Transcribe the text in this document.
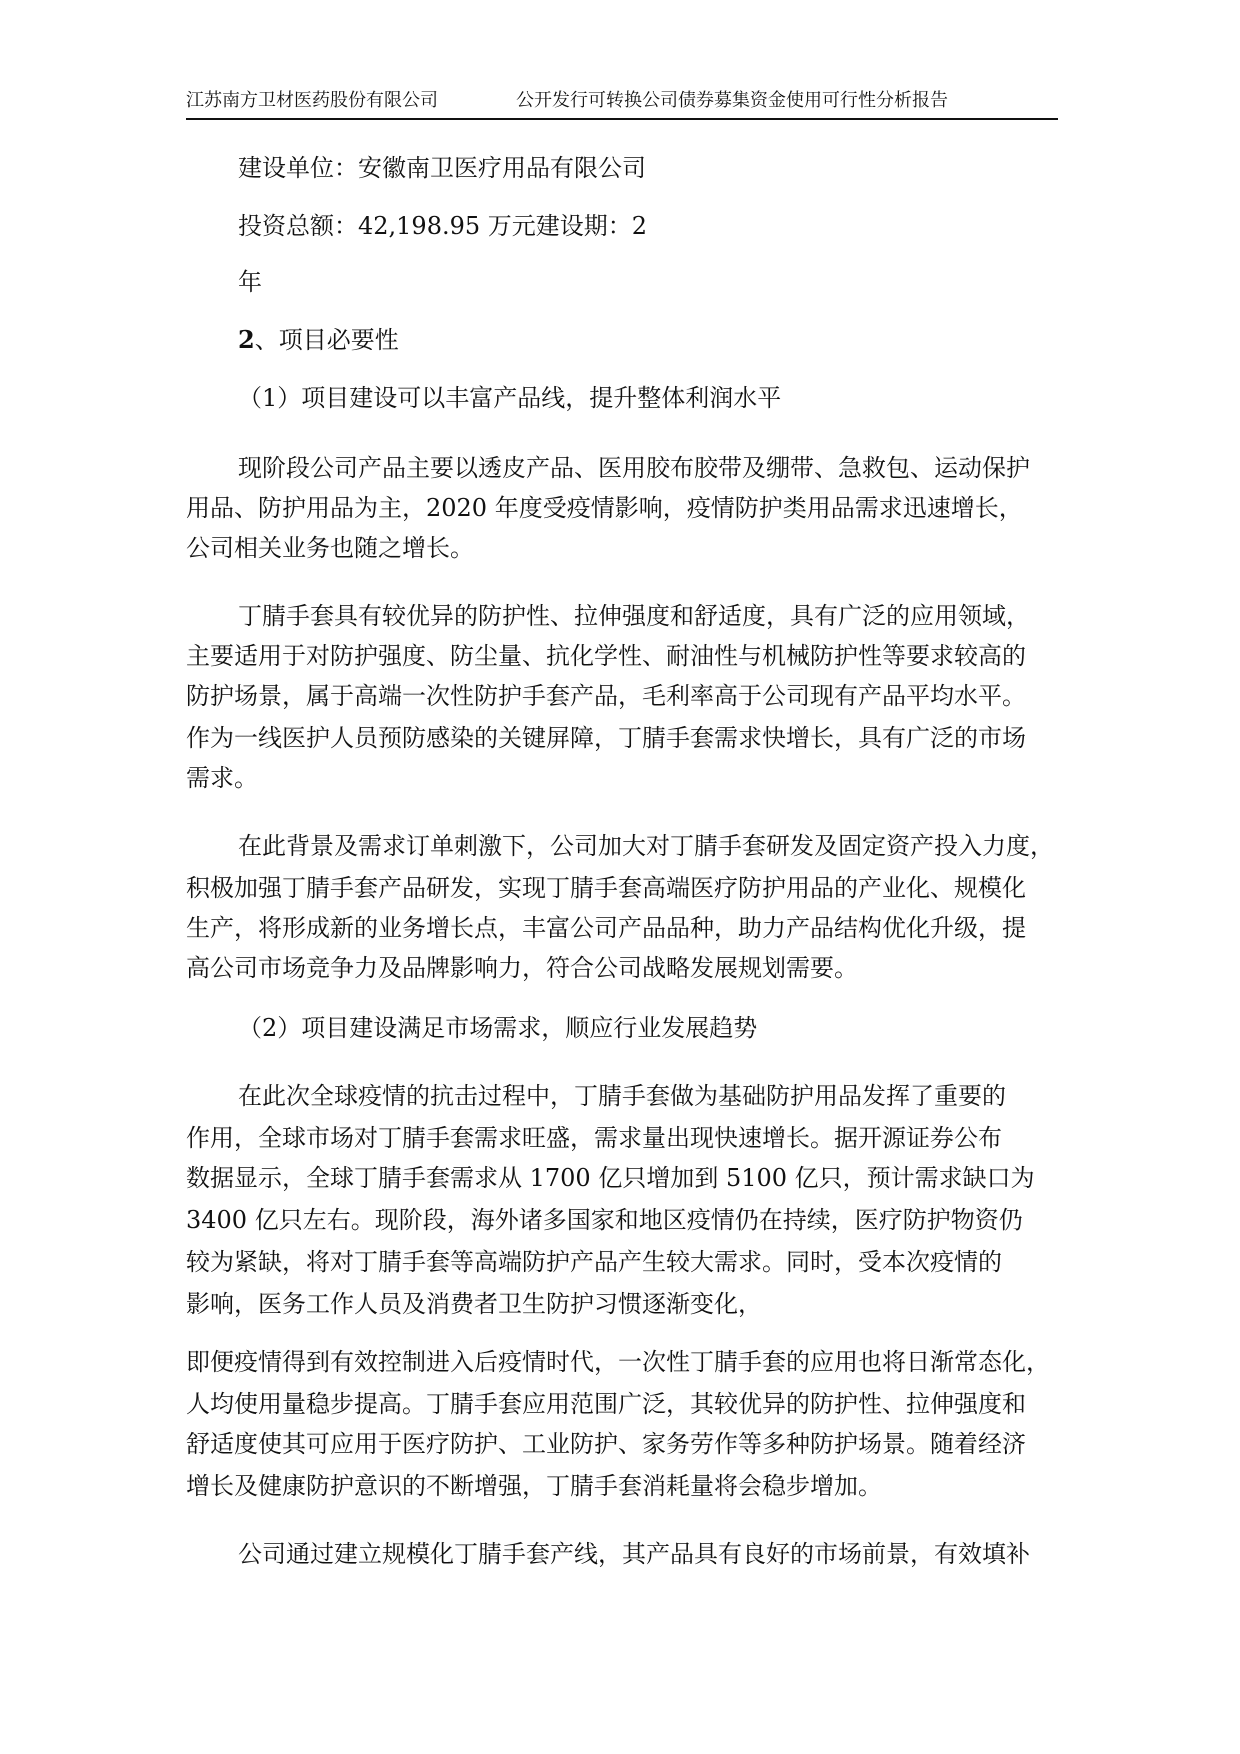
江苏南方卫材医药股份有限公司	公开发行可转换公司债券募集资金使用可行性分析报告
建设单位：安徽南卫医疗用品有限公司
投资总额：42,198.95 万元建设期：2
年
2、项目必要性
（1）项目建设可以丰富产品线，提升整体利润水平
现阶段公司产品主要以透皮产品、医用胶布胶带及绷带、急救包、运动保护
用品、防护用品为主，2020 年度受疫情影响，疫情防护类用品需求迅速增长，
公司相关业务也随之增长。
丁腈手套具有较优异的防护性、拉伸强度和舒适度，具有广泛的应用领域，
主要适用于对防护强度、防尘量、抗化学性、耐油性与机械防护性等要求较高的
防护场景，属于高端一次性防护手套产品，毛利率高于公司现有产品平均水平。
作为一线医护人员预防感染的关键屏障，丁腈手套需求快增长，具有广泛的市场
需求。
在此背景及需求订单刺激下，公司加大对丁腈手套研发及固定资产投入力度，
积极加强丁腈手套产品研发，实现丁腈手套高端医疗防护用品的产业化、规模化
生产，将形成新的业务增长点，丰富公司产品品种，助力产品结构优化升级，提
高公司市场竞争力及品牌影响力，符合公司战略发展规划需要。
（2）项目建设满足市场需求，顺应行业发展趋势
在此次全球疫情的抗击过程中，丁腈手套做为基础防护用品发挥了重要的
作用，全球市场对丁腈手套需求旺盛，需求量出现快速增长。据开源证券公布
数据显示，全球丁腈手套需求从 1700 亿只增加到 5100 亿只，预计需求缺口为
3400 亿只左右。现阶段，海外诸多国家和地区疫情仍在持续，医疗防护物资仍
较为紧缺，将对丁腈手套等高端防护产品产生较大需求。同时，受本次疫情的
影响，医务工作人员及消费者卫生防护习惯逐渐变化，
即便疫情得到有效控制进入后疫情时代，一次性丁腈手套的应用也将日渐常态化，
人均使用量稳步提高。丁腈手套应用范围广泛，其较优异的防护性、拉伸强度和
舒适度使其可应用于医疗防护、工业防护、家务劳作等多种防护场景。随着经济
增长及健康防护意识的不断增强，丁腈手套消耗量将会稳步增加。
公司通过建立规模化丁腈手套产线，其产品具有良好的市场前景，有效填补
